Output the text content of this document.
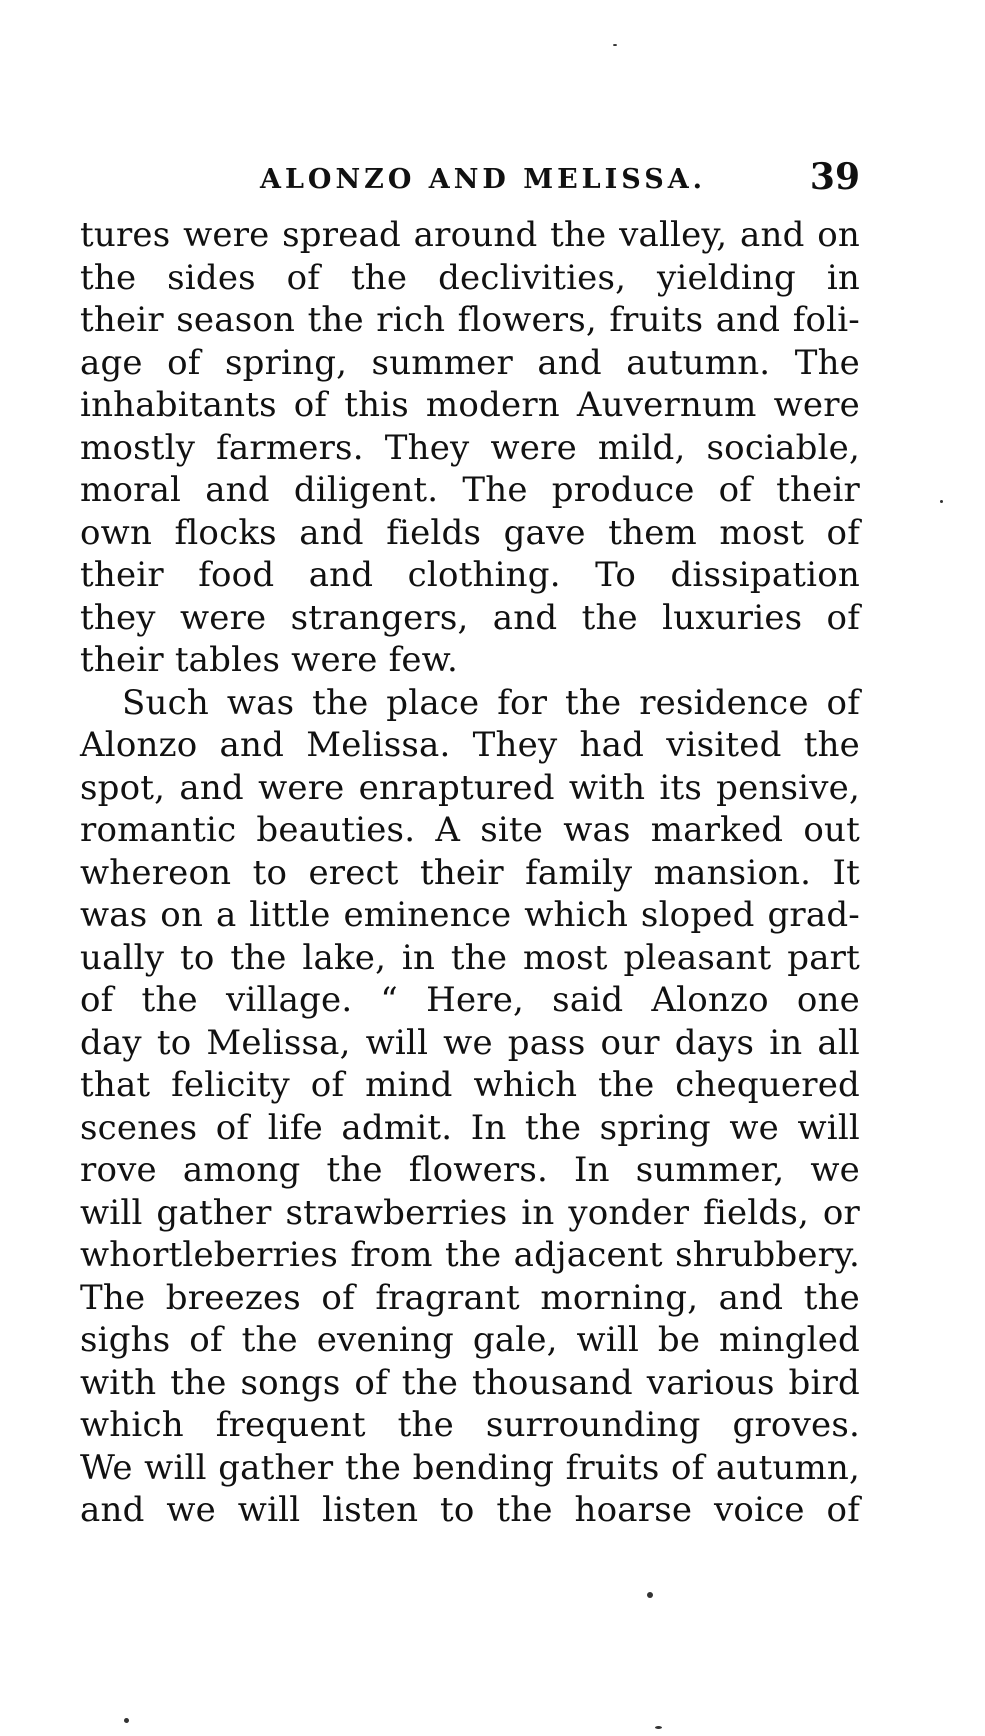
ALONZO AND MELISSA.	39
tures were spread around the valley, and on
the sides of the declivities, yielding in
their season the rich flowers, fruits and foli-
age of spring, summer and autumn. The
inhabitants of this modern Auvernum were
mostly farmers. They were mild, sociable,
moral and diligent. The produce of their
own flocks and fields gave them most of
their food and clothing. To dissipation
they were strangers, and the luxuries of
their tables were few.
Such was the place for the residence of
Alonzo and Melissa. They had visited the
spot, and were enraptured with its pensive,
romantic beauties. A site was marked out
whereon to erect their family mansion. It
was on a little eminence which sloped grad-
ually to the lake, in the most pleasant part
of the village. “ Here, said Alonzo one
day to Melissa, will we pass our days in all
that felicity of mind which the chequered
scenes of life admit. In the spring we will
rove among the flowers. In summer, we
will gather strawberries in yonder fields, or
whortleberries from the adjacent shrubbery.
The breezes of fragrant morning, and the
sighs of the evening gale, will be mingled
with the songs of the thousand various bird
which frequent the surrounding groves.
We will gather the bending fruits of autumn,
and we will listen to the hoarse voice of
